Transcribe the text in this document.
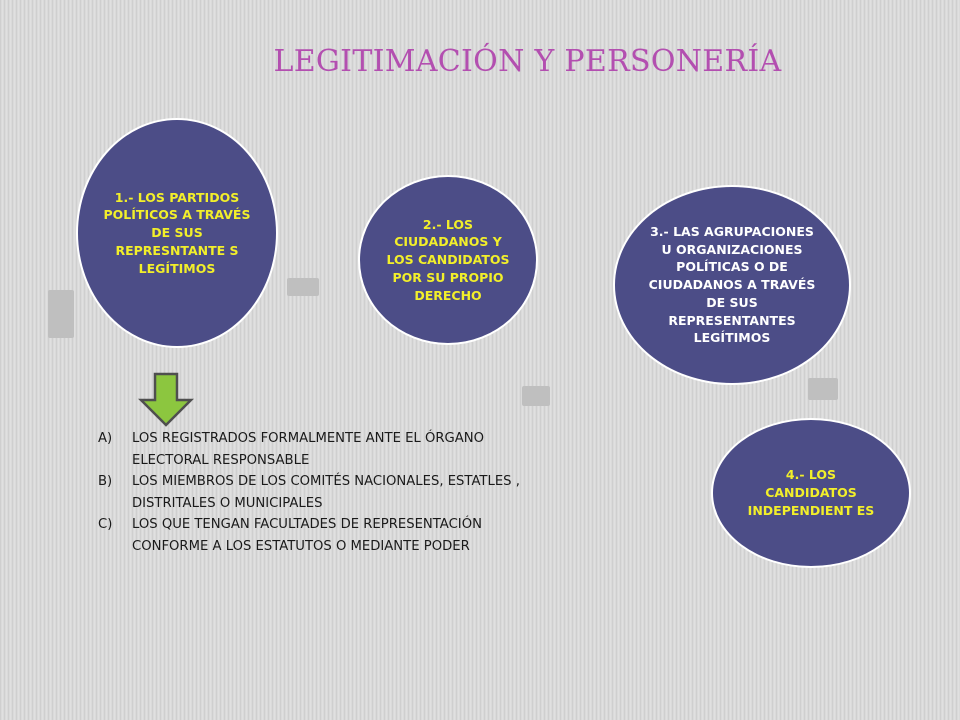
LEGITIMACIÓN Y PERSONERÍA
1.- LOS PARTIDOS POLÍTICOS A TRAVÉS DE SUS REPRESNTANTE S LEGÍTIMOS
2.- LOS CIUDADANOS Y LOS CANDIDATOS POR SU PROPIO DERECHO
3.- LAS AGRUPACIONES U ORGANIZACIONES POLÍTICAS O DE CIUDADANOS A TRAVÉS DE SUS REPRESENTANTES LEGÍTIMOS
4.- LOS CANDIDATOS INDEPENDIENT ES
A)	LOS REGISTRADOS FORMALMENTE ANTE EL ÓRGANO ELECTORAL RESPONSABLE
B)	LOS MIEMBROS DE LOS COMITÉS NACIONALES, ESTATLES , DISTRITALES O MUNICIPALES
C)	LOS QUE TENGAN FACULTADES DE REPRESENTACIÓN CONFORME A LOS ESTATUTOS O MEDIANTE PODER
